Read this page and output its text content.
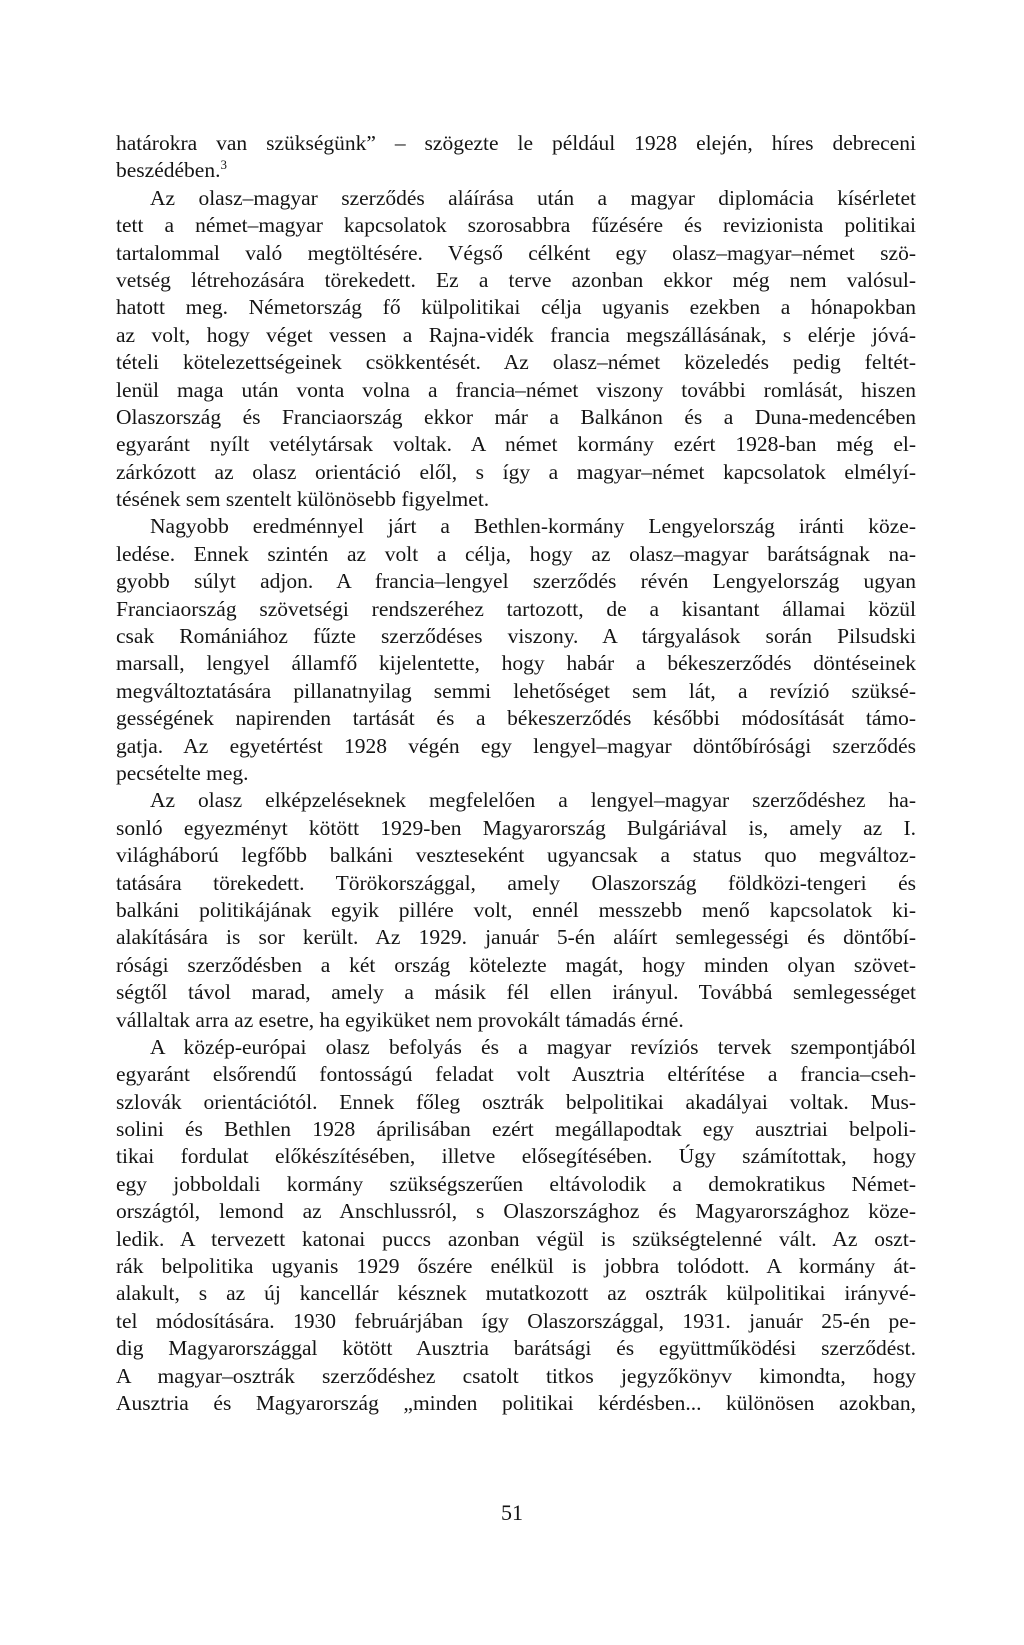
határokra van szükségünk” – szögezte le például 1928 elején, híres debreceni
beszédében.$^3$
Az olasz–magyar szerződés aláírása után a magyar diplomácia kísérletet
tett a német–magyar kapcsolatok szorosabbra fűzésére és revizionista politikai
tartalommal való megtöltésére. Végső célként egy olasz–magyar–német szö-
vetség létrehozására törekedett. Ez a terve azonban ekkor még nem valósul-
hatott meg. Németország fő külpolitikai célja ugyanis ezekben a hónapokban
az volt, hogy véget vessen a Rajna-vidék francia megszállásának, s elérje jóvá-
tételi kötelezettségeinek csökkentését. Az olasz–német közeledés pedig feltét-
lenül maga után vonta volna a francia–német viszony további romlását, hiszen
Olaszország és Franciaország ekkor már a Balkánon és a Duna-medencében
egyaránt nyílt vetélytársak voltak. A német kormány ezért 1928-ban még el-
zárkózott az olasz orientáció elől, s így a magyar–német kapcsolatok elmélyí-
tésének sem szentelt különösebb figyelmet.
Nagyobb eredménnyel járt a Bethlen-kormány Lengyelország iránti köze-
ledése. Ennek szintén az volt a célja, hogy az olasz–magyar barátságnak na-
gyobb súlyt adjon. A francia–lengyel szerződés révén Lengyelország ugyan
Franciaország szövetségi rendszeréhez tartozott, de a kisantant államai közül
csak Romániához fűzte szerződéses viszony. A tárgyalások során Pilsudski
marsall, lengyel államfő kijelentette, hogy habár a békeszerződés döntéseinek
megváltoztatására pillanatnyilag semmi lehetőséget sem lát, a revízió szüksé-
gességének napirenden tartását és a békeszerződés későbbi módosítását támo-
gatja. Az egyetértést 1928 végén egy lengyel–magyar döntőbírósági szerződés
pecsételte meg.
Az olasz elképzeléseknek megfelelően a lengyel–magyar szerződéshez ha-
sonló egyezményt kötött 1929-ben Magyarország Bulgáriával is, amely az I.
világháború legfőbb balkáni veszteseként ugyancsak a status quo megváltoz-
tatására törekedett. Törökországgal, amely Olaszország földközi-tengeri és
balkáni politikájának egyik pillére volt, ennél messzebb menő kapcsolatok ki-
alakítására is sor került. Az 1929. január 5-én aláírt semlegességi és döntőbí-
rósági szerződésben a két ország kötelezte magát, hogy minden olyan szövet-
ségtől távol marad, amely a másik fél ellen irányul. Továbbá semlegességet
vállaltak arra az esetre, ha egyiküket nem provokált támadás érné.
A közép-európai olasz befolyás és a magyar revíziós tervek szempontjából
egyaránt elsőrendű fontosságú feladat volt Ausztria eltérítése a francia–cseh-
szlovák orientációtól. Ennek főleg osztrák belpolitikai akadályai voltak. Mus-
solini és Bethlen 1928 áprilisában ezért megállapodtak egy ausztriai belpoli-
tikai fordulat előkészítésében, illetve elősegítésében. Úgy számítottak, hogy
egy jobboldali kormány szükségszerűen eltávolodik a demokratikus Német-
országtól, lemond az Anschlussról, s Olaszországhoz és Magyarországhoz köze-
ledik. A tervezett katonai puccs azonban végül is szükségtelenné vált. Az oszt-
rák belpolitika ugyanis 1929 őszére enélkül is jobbra tolódott. A kormány át-
alakult, s az új kancellár késznek mutatkozott az osztrák külpolitikai irányvé-
tel módosítására. 1930 februárjában így Olaszországgal, 1931. január 25-én pe-
dig Magyarországgal kötött Ausztria barátsági és együttműködési szerződést.
A magyar–osztrák szerződéshez csatolt titkos jegyzőkönyv kimondta, hogy
Ausztria és Magyarország „minden politikai kérdésben... különösen azokban,
51
